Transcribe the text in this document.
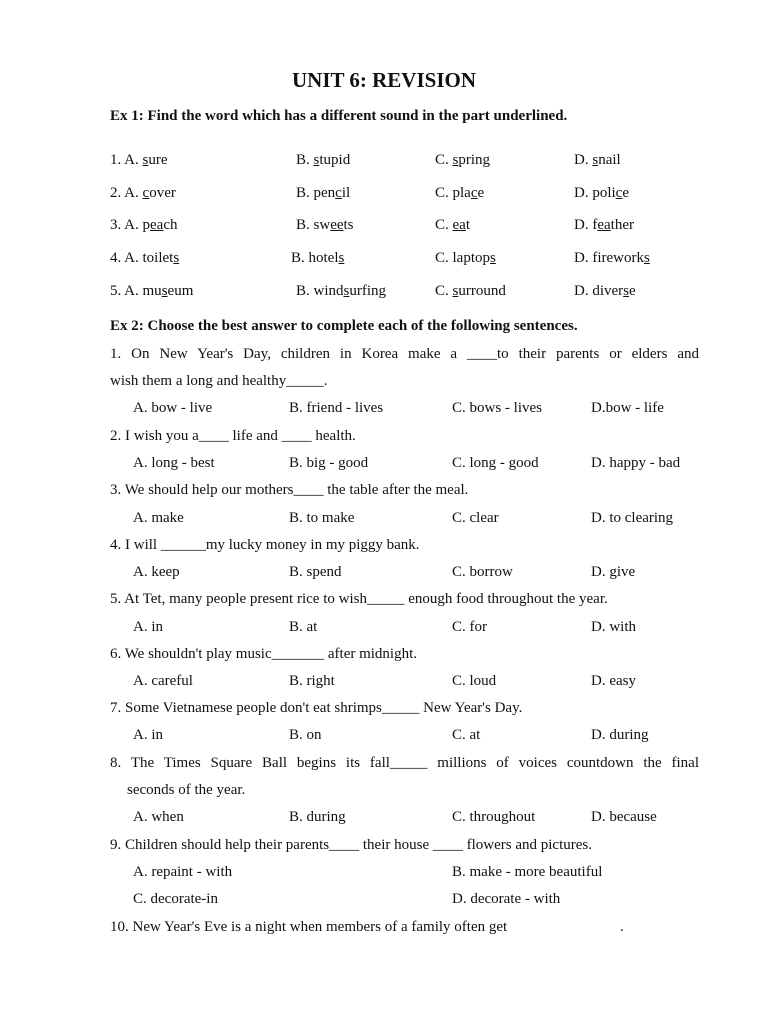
UNIT 6: REVISION
Ex 1: Find the word which has a different sound in the part underlined.
1. A. sure	B. stupid	C. spring	D. snail
2. A. cover	B. pencil	C. place	D. police
3. A. peach	B. sweets	C. eat	D. feather
4. A. toilets	B. hotels	C. laptops	D. fireworks
5. A. museum	B. windsurfing	C. surround	D. diverse
Ex 2: Choose the best answer to complete each of the following sentences.
1. On New Year's Day, children in Korea make a ____to their parents or elders and
wish them a long and healthy_____.
A. bow - live	B. friend - lives	C. bows - lives	D.bow - life
2. I wish you a____ life and ____ health.
A. long - best	B. big - good	C. long - good	D. happy - bad
3. We should help our mothers____ the table after the meal.
A. make	B. to make	C. clear	D. to clearing
4. I will ______my lucky money in my piggy bank.
A. keep	B. spend	C. borrow	D. give
5. At Tet, many people present rice to wish_____ enough food throughout the year.
A. in	B. at	C. for	D. with
6. We shouldn't play music_______ after midnight.
A. careful	B. right	C. loud	D. easy
7. Some Vietnamese people don't eat shrimps_____ New Year's Day.
A. in	B. on	C. at	D. during
8. The Times Square Ball begins its fall_____ millions of voices countdown the final
seconds of the year.
A. when	B. during	C. throughout	D. because
9. Children should help their parents____ their house ____ flowers and pictures.
A. repaint - with	B. make - more beautiful
C. decorate-in	D. decorate - with
10. New Year's Eve is a night when members of a family often get	.
